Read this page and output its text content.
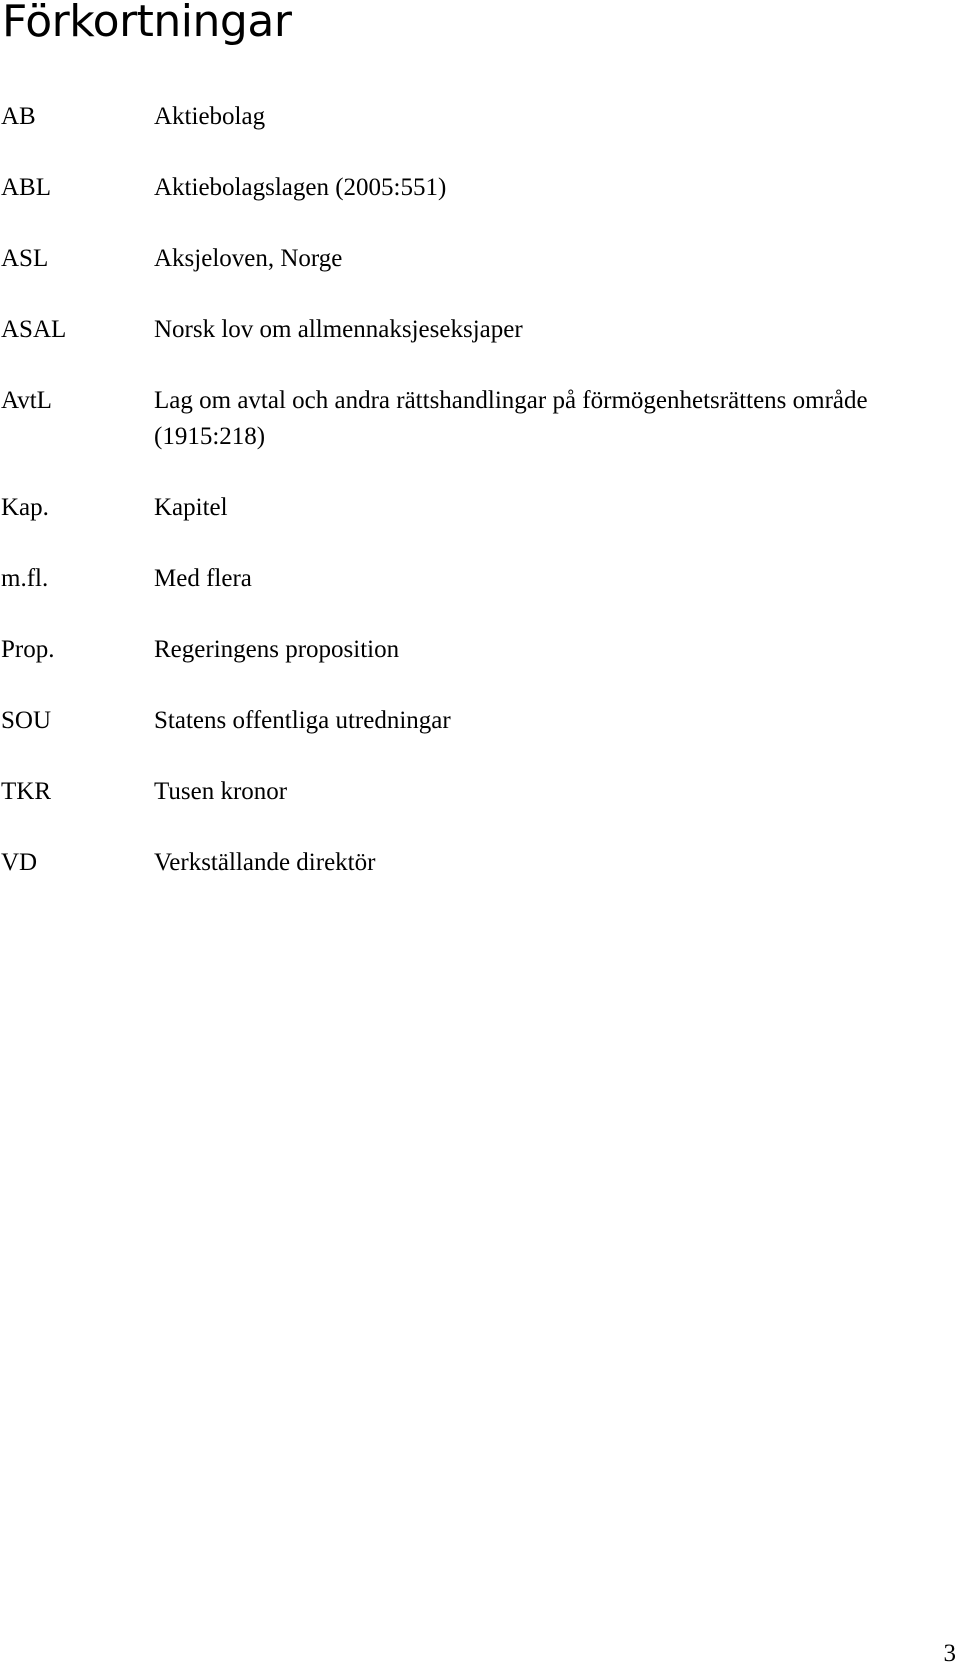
Förkortningar
AB	Aktiebolag
ABL	Aktiebolagslagen (2005:551)
ASL	Aksjeloven, Norge
ASAL	Norsk lov om allmennaksjeseksjaper
AvtL	Lag om avtal och andra rättshandlingar på förmögenhetsrättens område (1915:218)
Kap.	Kapitel
m.fl.	Med flera
Prop.	Regeringens proposition
SOU	Statens offentliga utredningar
TKR	Tusen kronor
VD	Verkställande direktör
3
